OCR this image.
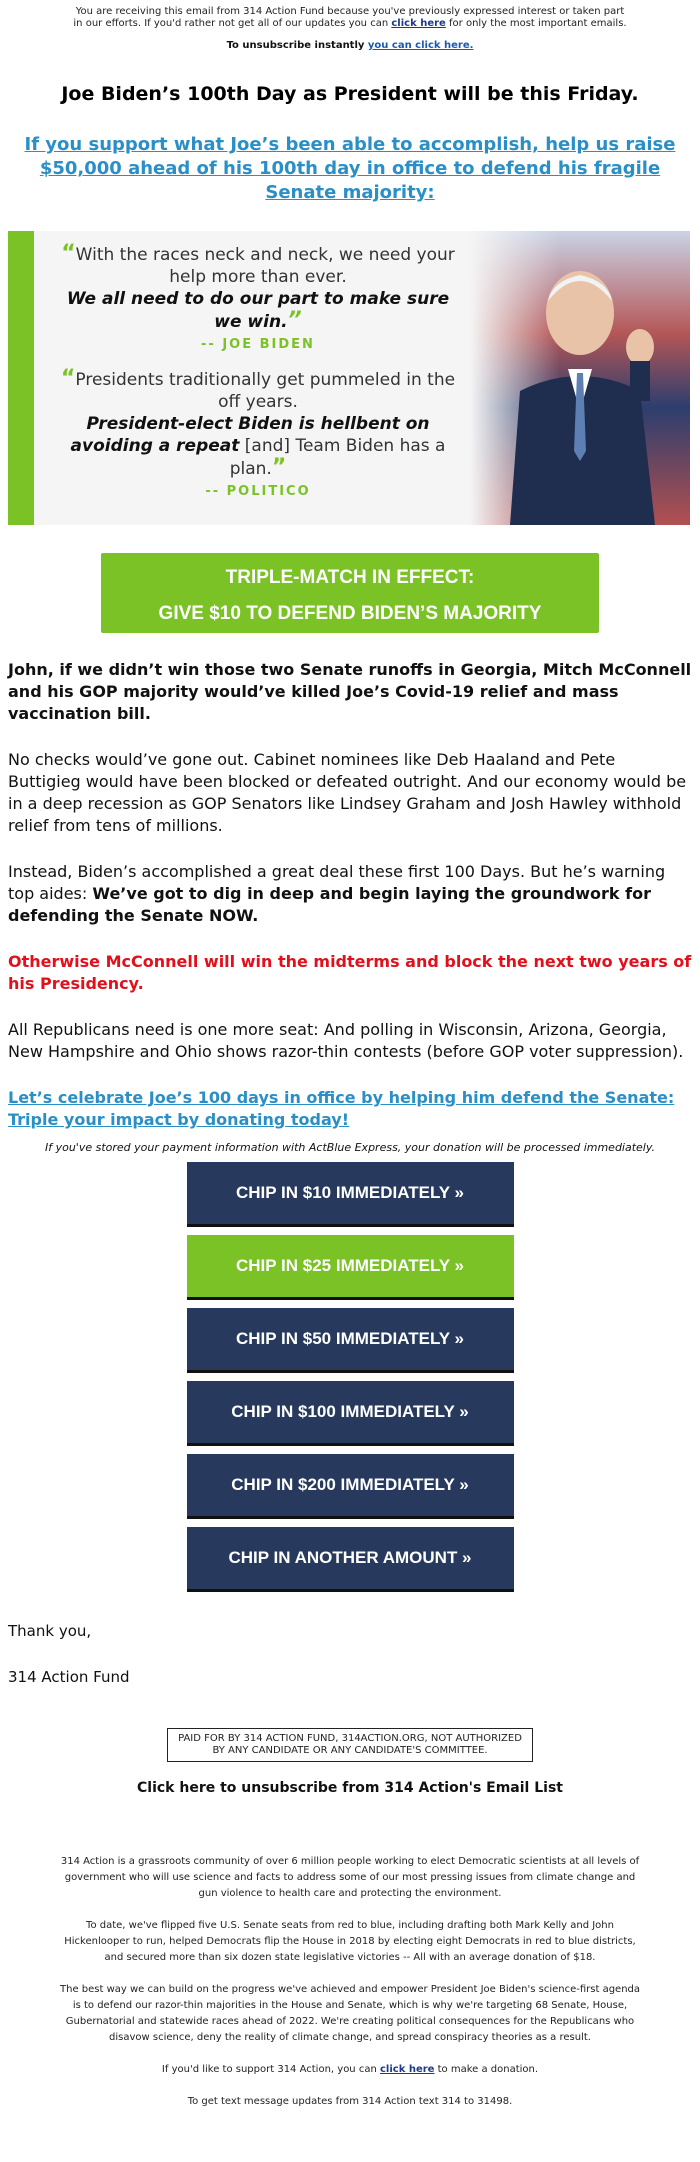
You are receiving this email from 314 Action Fund because you've previously expressed interest or taken part in our efforts. If you'd rather not get all of our updates you can click here for only the most important emails.
To unsubscribe instantly you can click here.
Joe Biden’s 100th Day as President will be this Friday.
If you support what Joe’s been able to accomplish, help us raise $50,000 ahead of his 100th day in office to defend his fragile Senate majority:
“With the races neck and neck, we need your help more than ever.
We all need to do our part to make sure we win.”
-- JOE BIDEN
“Presidents traditionally get pummeled in the off years.
President-elect Biden is hellbent on avoiding a repeat [and] Team Biden has a plan.”
-- POLITICO
TRIPLE-MATCH IN EFFECT:
GIVE $10 TO DEFEND BIDEN’S MAJORITY
John, if we didn’t win those two Senate runoffs in Georgia, Mitch McConnell and his GOP majority would’ve killed Joe’s Covid-19 relief and mass vaccination bill.
No checks would’ve gone out. Cabinet nominees like Deb Haaland and Pete Buttigieg would have been blocked or defeated outright. And our economy would be in a deep recession as GOP Senators like Lindsey Graham and Josh Hawley withhold relief from tens of millions.
Instead, Biden’s accomplished a great deal these first 100 Days. But he’s warning top aides: We’ve got to dig in deep and begin laying the groundwork for defending the Senate NOW.
Otherwise McConnell will win the midterms and block the next two years of his Presidency.
All Republicans need is one more seat: And polling in Wisconsin, Arizona, Georgia, New Hampshire and Ohio shows razor-thin contests (before GOP voter suppression).
Let’s celebrate Joe’s 100 days in office by helping him defend the Senate: Triple your impact by donating today!
If you've stored your payment information with ActBlue Express, your donation will be processed immediately.
CHIP IN $10 IMMEDIATELY »
CHIP IN $25 IMMEDIATELY »
CHIP IN $50 IMMEDIATELY »
CHIP IN $100 IMMEDIATELY »
CHIP IN $200 IMMEDIATELY »
CHIP IN ANOTHER AMOUNT »
Thank you,
314 Action Fund
PAID FOR BY 314 ACTION FUND, 314ACTION.ORG, NOT AUTHORIZED BY ANY CANDIDATE OR ANY CANDIDATE'S COMMITTEE.
Click here to unsubscribe from 314 Action's Email List

314 Action is a grassroots community of over 6 million people working to elect Democratic scientists at all levels of government who will use science and facts to address some of our most pressing issues from climate change and gun violence to health care and protecting the environment.

To date, we've flipped five U.S. Senate seats from red to blue, including drafting both Mark Kelly and John Hickenlooper to run, helped Democrats flip the House in 2018 by electing eight Democrats in red to blue districts, and secured more than six dozen state legislative victories -- All with an average donation of $18.

The best way we can build on the progress we've achieved and empower President Joe Biden's science-first agenda is to defend our razor-thin majorities in the House and Senate, which is why we're targeting 68 Senate, House, Gubernatorial and statewide races ahead of 2022. We're creating political consequences for the Republicans who disavow science, deny the reality of climate change, and spread conspiracy theories as a result.

If you'd like to support 314 Action, you can click here to make a donation.

To get text message updates from 314 Action text 314 to 31498.
